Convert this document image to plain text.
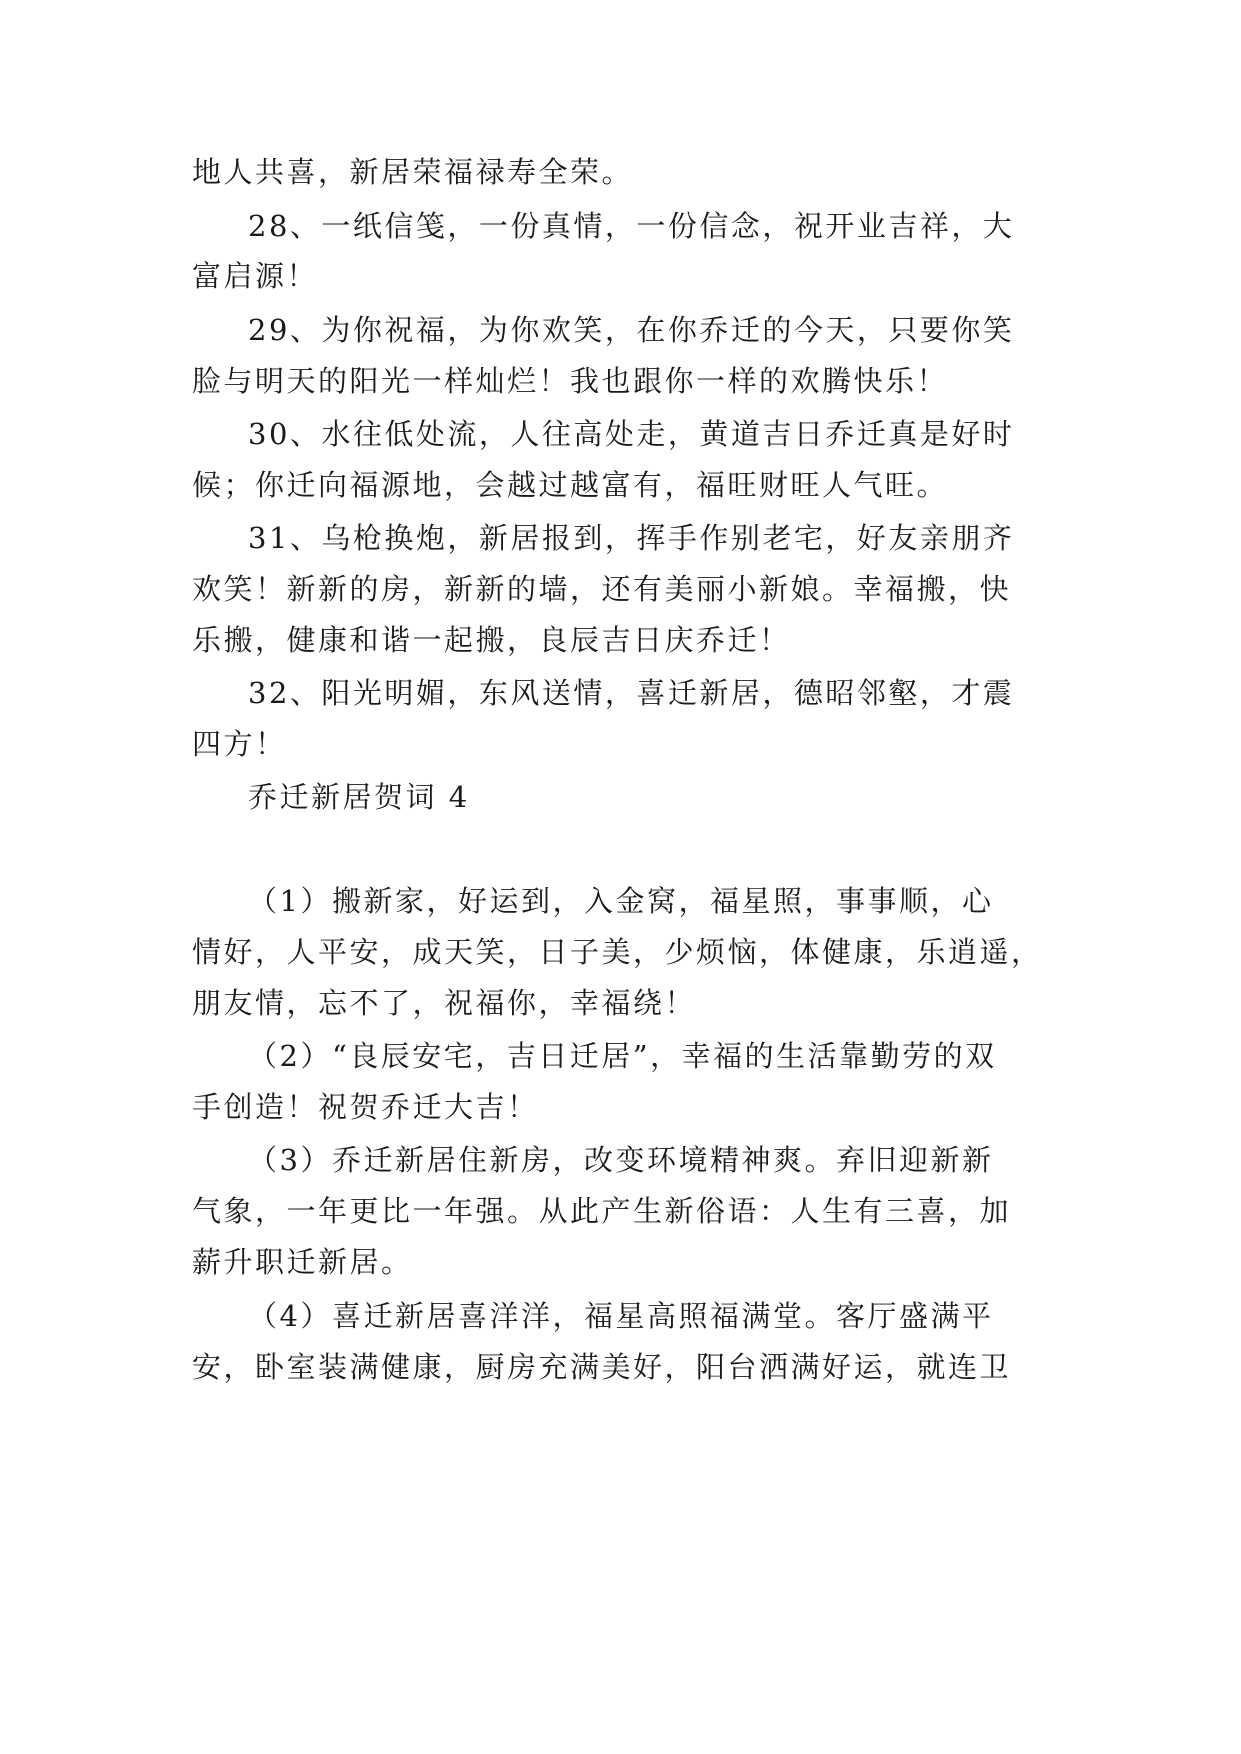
地人共喜，新居荣福禄寿全荣。
28、一纸信笺，一份真情，一份信念，祝开业吉祥，大
富启源！
29、为你祝福，为你欢笑，在你乔迁的今天，只要你笑
脸与明天的阳光一样灿烂！我也跟你一样的欢腾快乐！
30、水往低处流，人往高处走，黄道吉日乔迁真是好时
候；你迁向福源地，会越过越富有，福旺财旺人气旺。
31、乌枪换炮，新居报到，挥手作别老宅，好友亲朋齐
欢笑！新新的房，新新的墙，还有美丽小新娘。幸福搬，快
乐搬，健康和谐一起搬，良辰吉日庆乔迁！
32、阳光明媚，东风送情，喜迁新居，德昭邻壑，才震
四方！
乔迁新居贺词 4
（1）搬新家，好运到，入金窝，福星照，事事顺，心
情好，人平安，成天笑，日子美，少烦恼，体健康，乐逍遥，
朋友情，忘不了，祝福你，幸福绕！
（2）“良辰安宅，吉日迁居”，幸福的生活靠勤劳的双
手创造！祝贺乔迁大吉！
（3）乔迁新居住新房，改变环境精神爽。弃旧迎新新
气象，一年更比一年强。从此产生新俗语：人生有三喜，加
薪升职迁新居。
（4）喜迁新居喜洋洋，福星高照福满堂。客厅盛满平
安，卧室装满健康，厨房充满美好，阳台洒满好运，就连卫
